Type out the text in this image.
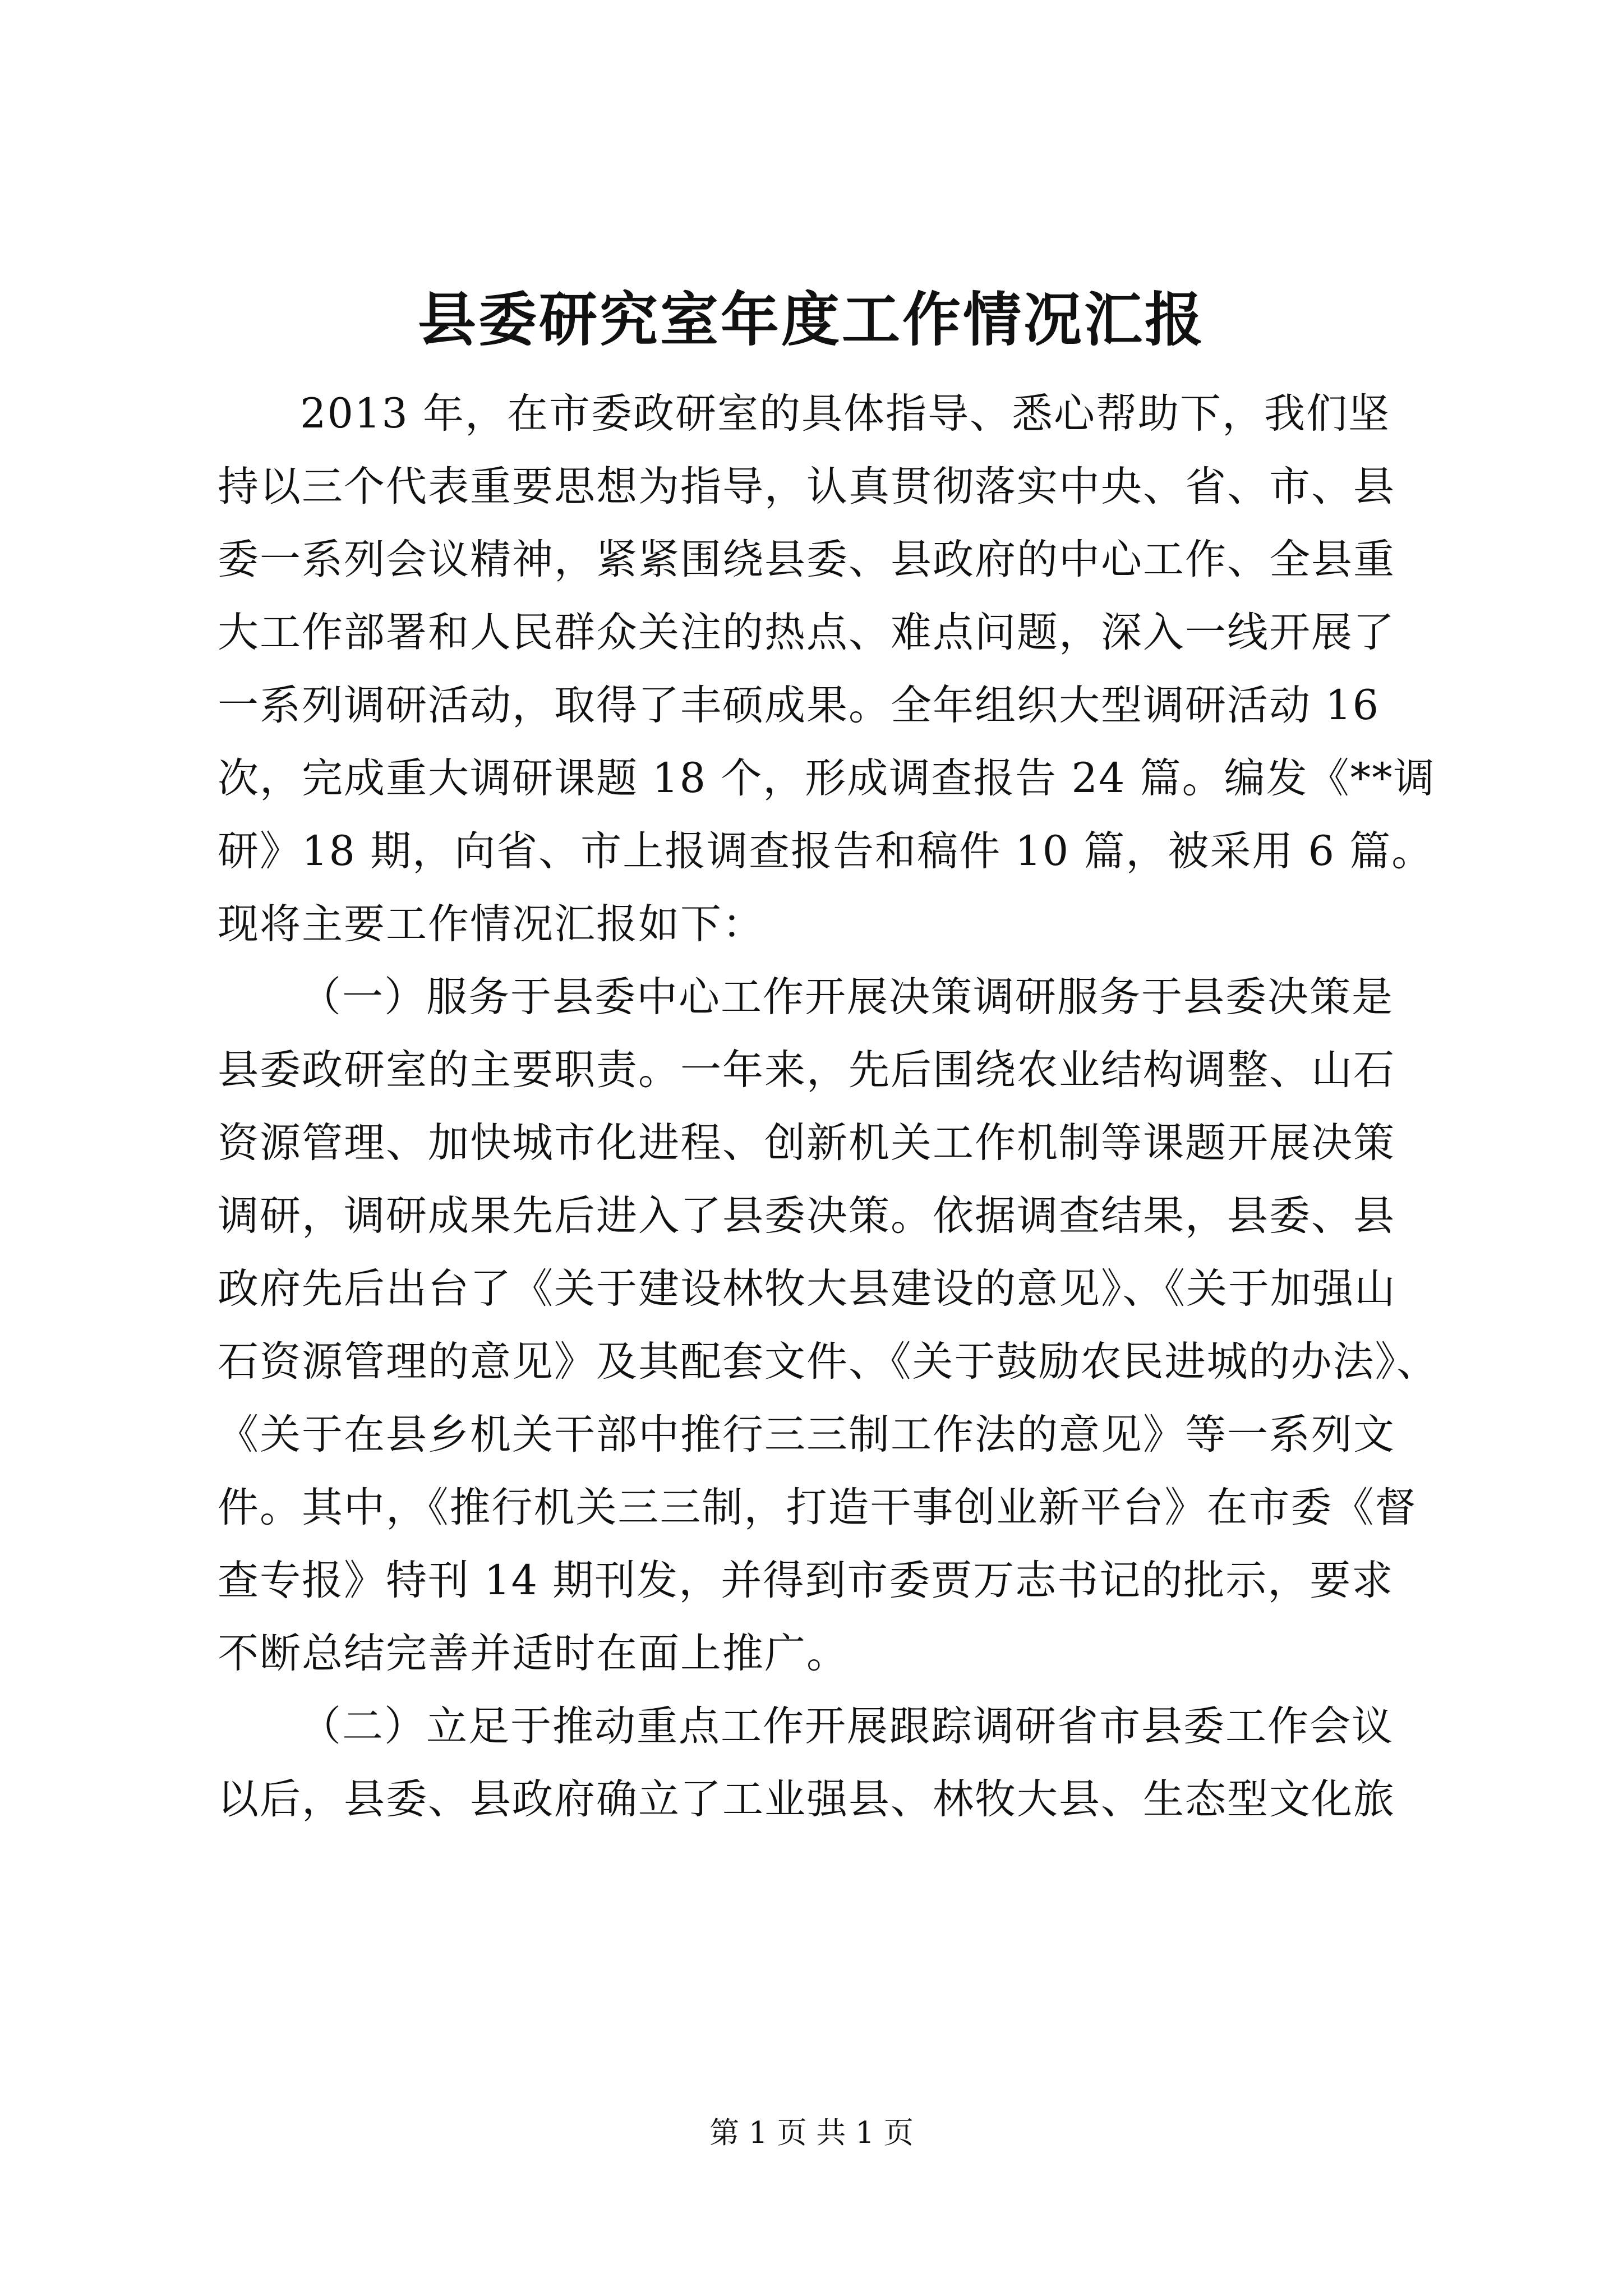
县委研究室年度工作情况汇报
2013 年，在市委政研室的具体指导、悉心帮助下，我们坚
持以三个代表重要思想为指导，认真贯彻落实中央、省、市、县
委一系列会议精神，紧紧围绕县委、县政府的中心工作、全县重
大工作部署和人民群众关注的热点、难点问题，深入一线开展了
一系列调研活动，取得了丰硕成果。全年组织大型调研活动 16
次，完成重大调研课题 18 个，形成调查报告 24 篇。编发《**调
研》18 期，向省、市上报调查报告和稿件 10 篇，被采用 6 篇。
现将主要工作情况汇报如下：
（一）服务于县委中心工作开展决策调研服务于县委决策是
县委政研室的主要职责。一年来，先后围绕农业结构调整、山石
资源管理、加快城市化进程、创新机关工作机制等课题开展决策
调研，调研成果先后进入了县委决策。依据调查结果，县委、县
政府先后出台了《关于建设林牧大县建设的意见》、《关于加强山
石资源管理的意见》及其配套文件、《关于鼓励农民进城的办法》、
《关于在县乡机关干部中推行三三制工作法的意见》等一系列文
件。其中，《推行机关三三制，打造干事创业新平台》在市委《督
查专报》特刊 14 期刊发，并得到市委贾万志书记的批示，要求
不断总结完善并适时在面上推广。
（二）立足于推动重点工作开展跟踪调研省市县委工作会议
以后，县委、县政府确立了工业强县、林牧大县、生态型文化旅
第 1 页 共 1 页
